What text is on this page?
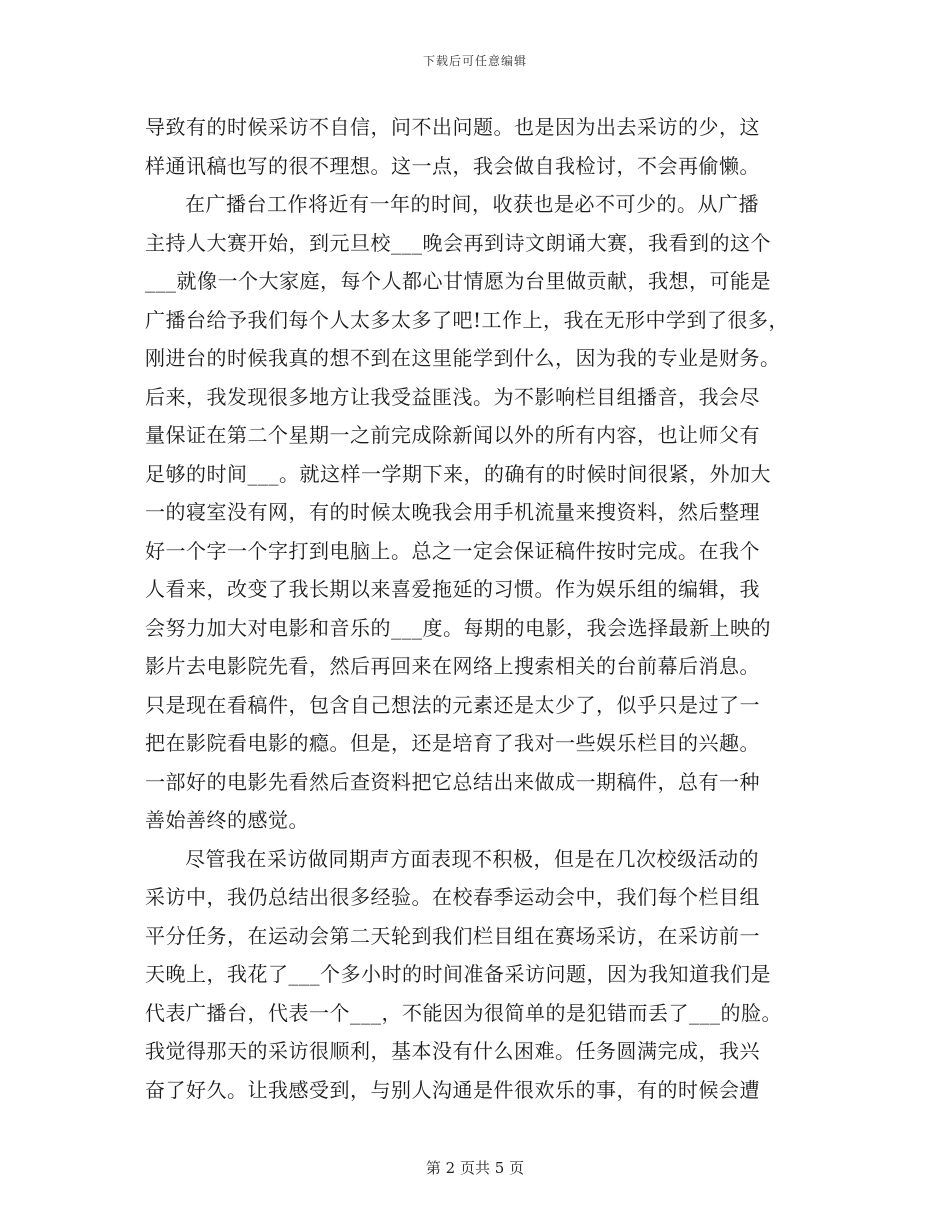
下载后可任意编辑
导致有的时候采访不自信，问不出问题。也是因为出去采访的少，这
样通讯稿也写的很不理想。这一点，我会做自我检讨，不会再偷懒。
在广播台工作将近有一年的时间，收获也是必不可少的。从广播
主持人大赛开始，到元旦校___晚会再到诗文朗诵大赛，我看到的这个
___就像一个大家庭，每个人都心甘情愿为台里做贡献，我想，可能是
广播台给予我们每个人太多太多了吧!工作上，我在无形中学到了很多，
刚进台的时候我真的想不到在这里能学到什么，因为我的专业是财务。
后来，我发现很多地方让我受益匪浅。为不影响栏目组播音，我会尽
量保证在第二个星期一之前完成除新闻以外的所有内容，也让师父有
足够的时间___。就这样一学期下来，的确有的时候时间很紧，外加大
一的寝室没有网，有的时候太晚我会用手机流量来搜资料，然后整理
好一个字一个字打到电脑上。总之一定会保证稿件按时完成。在我个
人看来，改变了我长期以来喜爱拖延的习惯。作为娱乐组的编辑，我
会努力加大对电影和音乐的___度。每期的电影，我会选择最新上映的
影片去电影院先看，然后再回来在网络上搜索相关的台前幕后消息。
只是现在看稿件，包含自己想法的元素还是太少了，似乎只是过了一
把在影院看电影的瘾。但是，还是培育了我对一些娱乐栏目的兴趣。
一部好的电影先看然后查资料把它总结出来做成一期稿件，总有一种
善始善终的感觉。
尽管我在采访做同期声方面表现不积极，但是在几次校级活动的
采访中，我仍总结出很多经验。在校春季运动会中，我们每个栏目组
平分任务，在运动会第二天轮到我们栏目组在赛场采访，在采访前一
天晚上，我花了___个多小时的时间准备采访问题，因为我知道我们是
代表广播台，代表一个___，不能因为很简单的是犯错而丢了___的脸。
我觉得那天的采访很顺利，基本没有什么困难。任务圆满完成，我兴
奋了好久。让我感受到，与别人沟通是件很欢乐的事，有的时候会遭
第 2 页共 5 页
